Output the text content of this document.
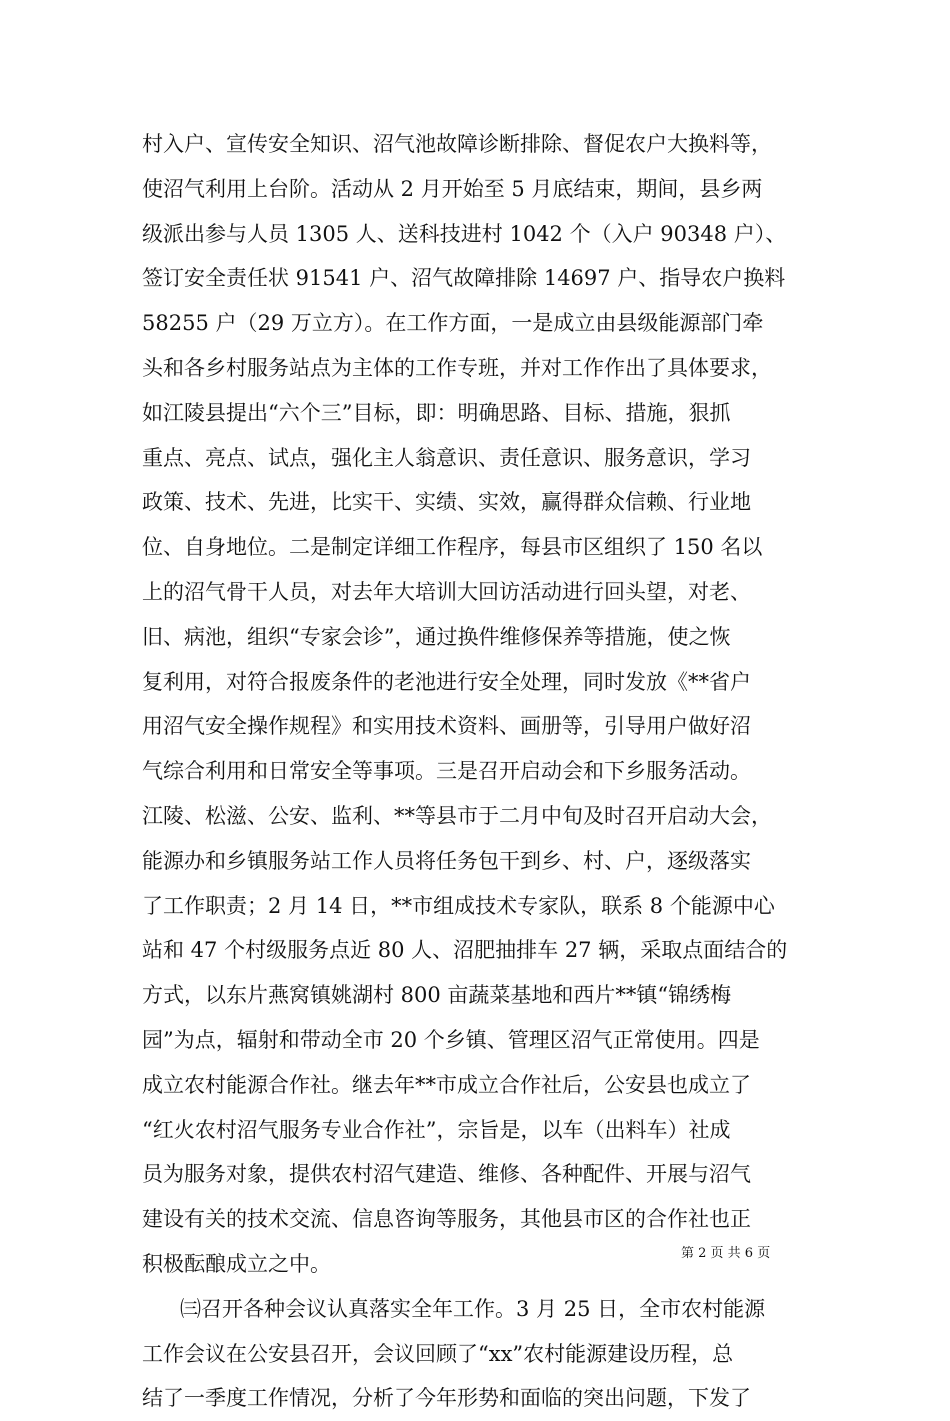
村入户、宣传安全知识、沼气池故障诊断排除、督促农户大换料等，
使沼气利用上台阶。活动从 2 月开始至 5 月底结束，期间，县乡两
级派出参与人员 1305 人、送科技进村 1042 个（入户 90348 户）、
签订安全责任状 91541 户、沼气故障排除 14697 户、指导农户换料
58255 户（29 万立方）。在工作方面，一是成立由县级能源部门牵
头和各乡村服务站点为主体的工作专班，并对工作作出了具体要求，
如江陵县提出“六个三”目标，即：明确思路、目标、措施，狠抓
重点、亮点、试点，强化主人翁意识、责任意识、服务意识，学习
政策、技术、先进，比实干、实绩、实效，赢得群众信赖、行业地
位、自身地位。二是制定详细工作程序，每县市区组织了 150 名以
上的沼气骨干人员，对去年大培训大回访活动进行回头望，对老、
旧、病池，组织“专家会诊”，通过换件维修保养等措施，使之恢
复利用，对符合报废条件的老池进行安全处理，同时发放《**省户
用沼气安全操作规程》和实用技术资料、画册等，引导用户做好沼
气综合利用和日常安全等事项。三是召开启动会和下乡服务活动。
江陵、松滋、公安、监利、**等县市于二月中旬及时召开启动大会，
能源办和乡镇服务站工作人员将任务包干到乡、村、户，逐级落实
了工作职责；2 月 14 日，**市组成技术专家队，联系 8 个能源中心
站和 47 个村级服务点近 80 人、沼肥抽排车 27 辆，采取点面结合的
方式，以东片燕窝镇姚湖村 800 亩蔬菜基地和西片**镇“锦绣梅
园”为点，辐射和带动全市 20 个乡镇、管理区沼气正常使用。四是
成立农村能源合作社。继去年**市成立合作社后，公安县也成立了
“红火农村沼气服务专业合作社”，宗旨是，以车（出料车）社成
员为服务对象，提供农村沼气建造、维修、各种配件、开展与沼气
建设有关的技术交流、信息咨询等服务，其他县市区的合作社也正
积极酝酿成立之中。
㈢召开各种会议认真落实全年工作。3 月 25 日，全市农村能源
工作会议在公安县召开，会议回顾了“xx”农村能源建设历程，总
结了一季度工作情况，分析了今年形势和面临的突出问题，下发了
第 2 页 共 6 页
